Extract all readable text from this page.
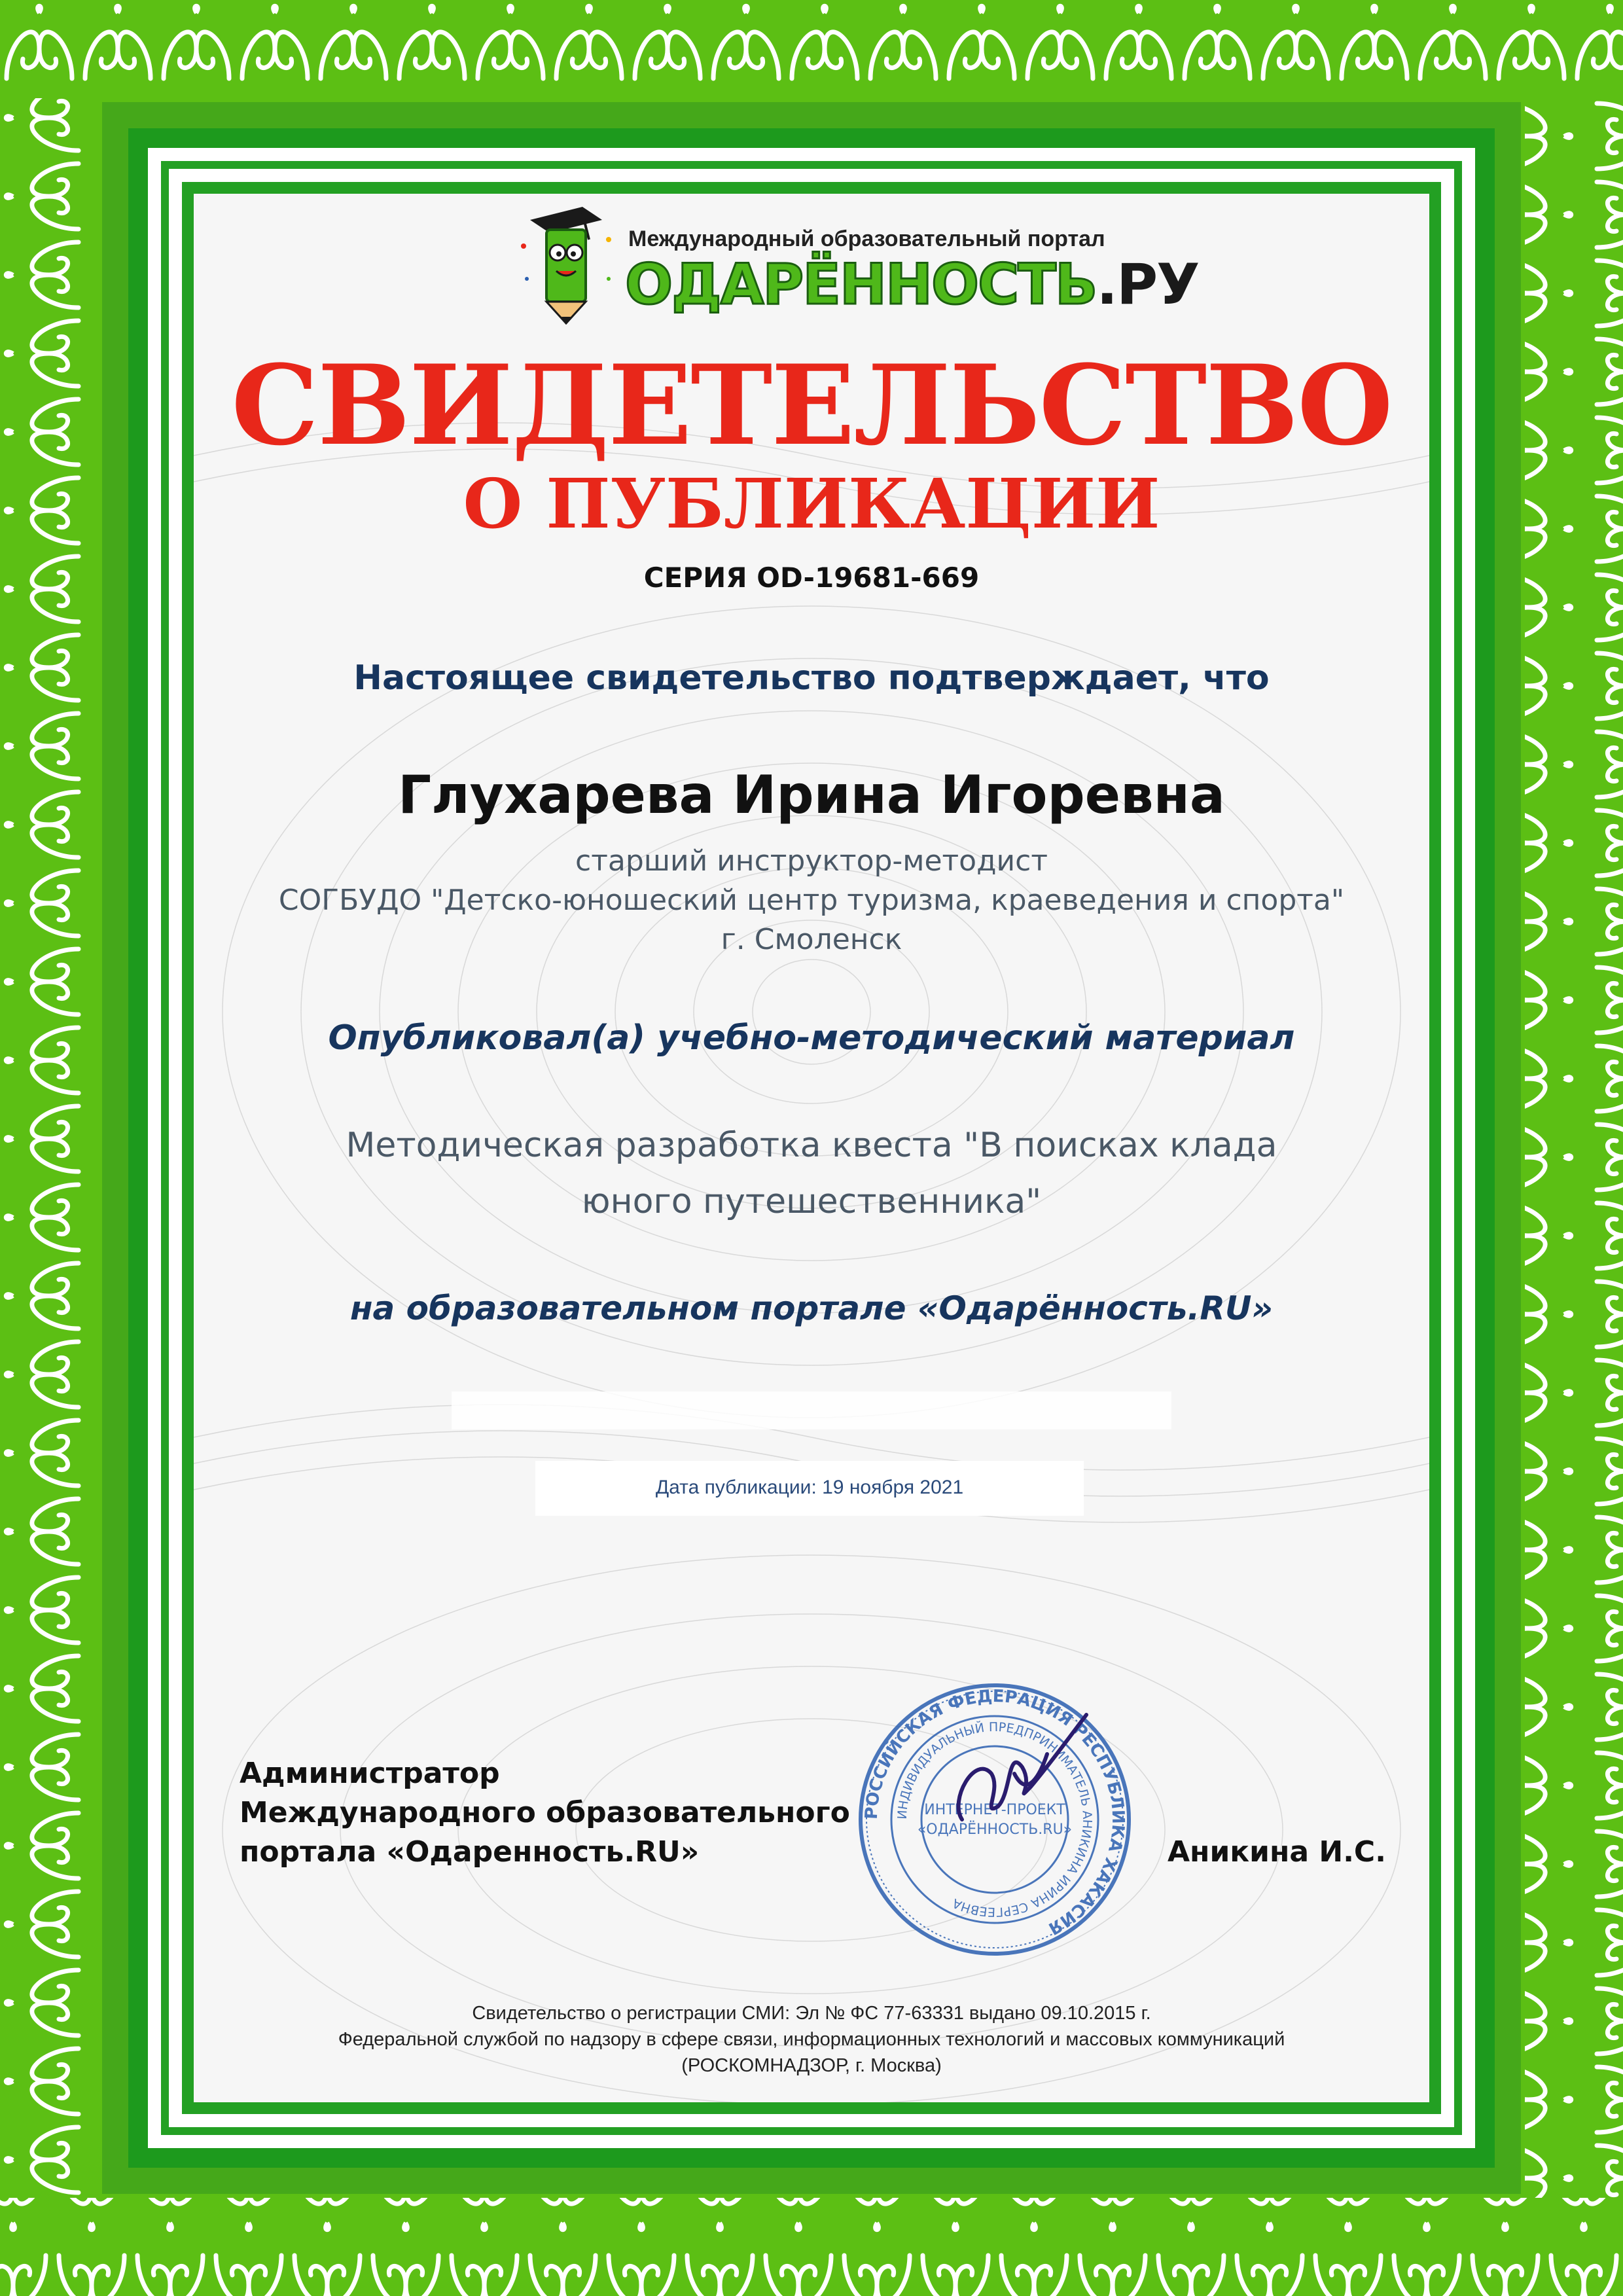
Международный образовательный портал
ОДАРЁННОСТЬ.РУ
СВИДЕТЕЛЬСТВО
О ПУБЛИКАЦИИ
СЕРИЯ OD-19681-669
Настоящее свидетельство подтверждает, что
Глухарева Ирина Игоревна
старший инструктор-методист
СОГБУДО "Детско-юношеский центр туризма, краеведения и спорта"
г. Смоленск
Опубликовал(а) учебно-методический материал
Методическая разработка квеста "В поисках клада
юного путешественника"
на образовательном портале «Одарённость.RU»
Дата публикации: 19 ноября 2021
РОССИЙСКАЯ ФЕДЕРАЦИЯ РЕСПУБЛИКА ХАКАСИЯ
ИНДИВИДУАЛЬНЫЙ ПРЕДПРИНИМАТЕЛЬ АНИКИНА ИРИНА СЕРГЕЕВНА
ИНТЕРНЕТ-ПРОЕКТ
«ОДАРЁННОСТЬ.RU»
Администратор
Международного образовательного
портала «Одаренность.RU»	Аникина И.С.
Свидетельство о регистрации СМИ: Эл № ФС 77-63331 выдано 09.10.2015 г.
Федеральной службой по надзору в сфере связи, информационных технологий и массовых коммуникаций
(РОСКОМНАДЗОР, г. Москва)
